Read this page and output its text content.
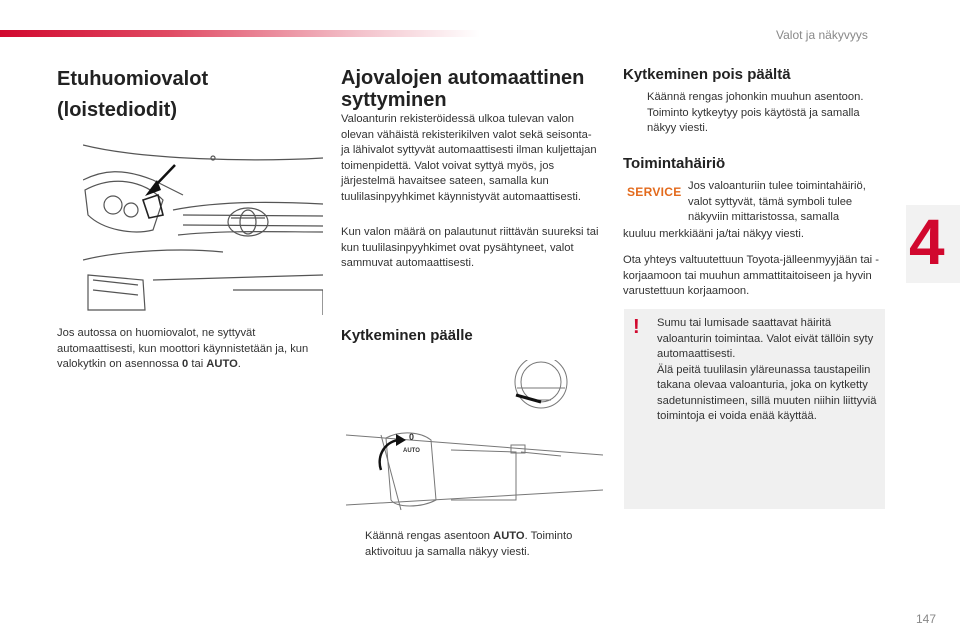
Valot ja näkyvyys
4
Etuhuomiovalot (loistediodit)

Jos autossa on huomiovalot, ne syttyvät automaattisesti, kun moottori käynnistetään ja, kun valokytkin on asennossa 0 tai AUTO.

Ajovalojen automaattinen syttyminen

Valoanturin rekisteröidessä ulkoa tulevan valon olevan vähäistä rekisterikilven valot sekä seisonta- ja lähivalot syttyvät automaattisesti ilman kuljettajan toimenpidettä. Valot voivat syttyä myös, jos järjestelmä havaitsee sateen, samalla kun tuulilasinpyyhkimet käynnistyvät automaattisesti.

Kun valon määrä on palautunut riittävän suureksi tai kun tuulilasinpyyhkimet ovat pysähtyneet, valot sammuvat automaattisesti.

Kytkeminen päälle
0
AUTO

Käännä rengas asentoon AUTO. Toiminto aktivoituu ja samalla näkyy viesti.

Kytkeminen pois päältä

Käännä rengas johonkin muuhun asentoon. Toiminto kytkeytyy pois käytöstä ja samalla näkyy viesti.

Toimintahäiriö
SERVICE Jos valoanturiin tulee toimintahäiriö, valot syttyvät, tämä symboli tulee näkyviin mittaristossa, samalla

kuuluu merkkiääni ja/tai näkyy viesti.

Ota yhteys valtuutettuun Toyota-jälleenmyyjään tai -korjaamoon tai muuhun ammattitaitoiseen ja hyvin varustettuun korjaamoon.

! Sumu tai lumisade saattavat häiritä valoanturin toimintaa. Valot eivät tällöin syty automaattisesti.
Älä peitä tuulilasin yläreunassa taustapeilin takana olevaa valoanturia, joka on kytketty sadetunnistimeen, sillä muuten niihin liittyviä toimintoja ei voida enää käyttää.

147
